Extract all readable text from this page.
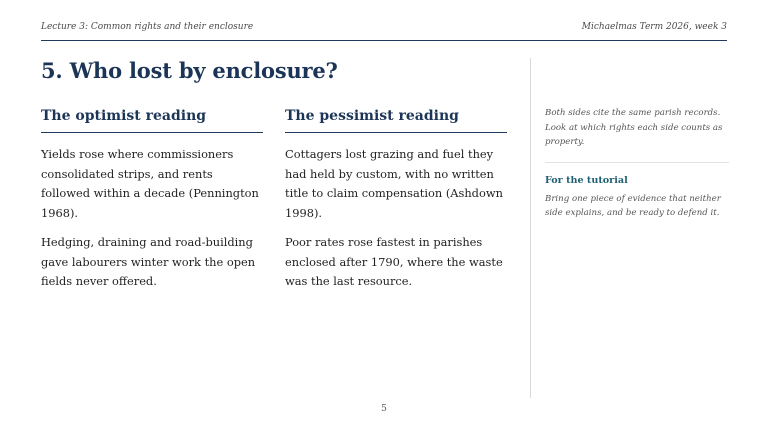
Lecture 3: Common rights and their enclosure	Michaelmas Term 2026, week 3
5. Who lost by enclosure?
The optimist reading

Yields rose where commissioners consolidated strips, and rents followed within a decade (Pennington 1968).

Hedging, draining and road-building gave labourers winter work the open fields never offered.

The pessimist reading

Cottagers lost grazing and fuel they had held by custom, with no written title to claim compensation (Ashdown 1998).

Poor rates rose fastest in parishes enclosed after 1790, where the waste was the last resource.

Both sides cite the same parish records. Look at which rights each side counts as property.

For the tutorial

Bring one piece of evidence that neither side explains, and be ready to defend it.

5
